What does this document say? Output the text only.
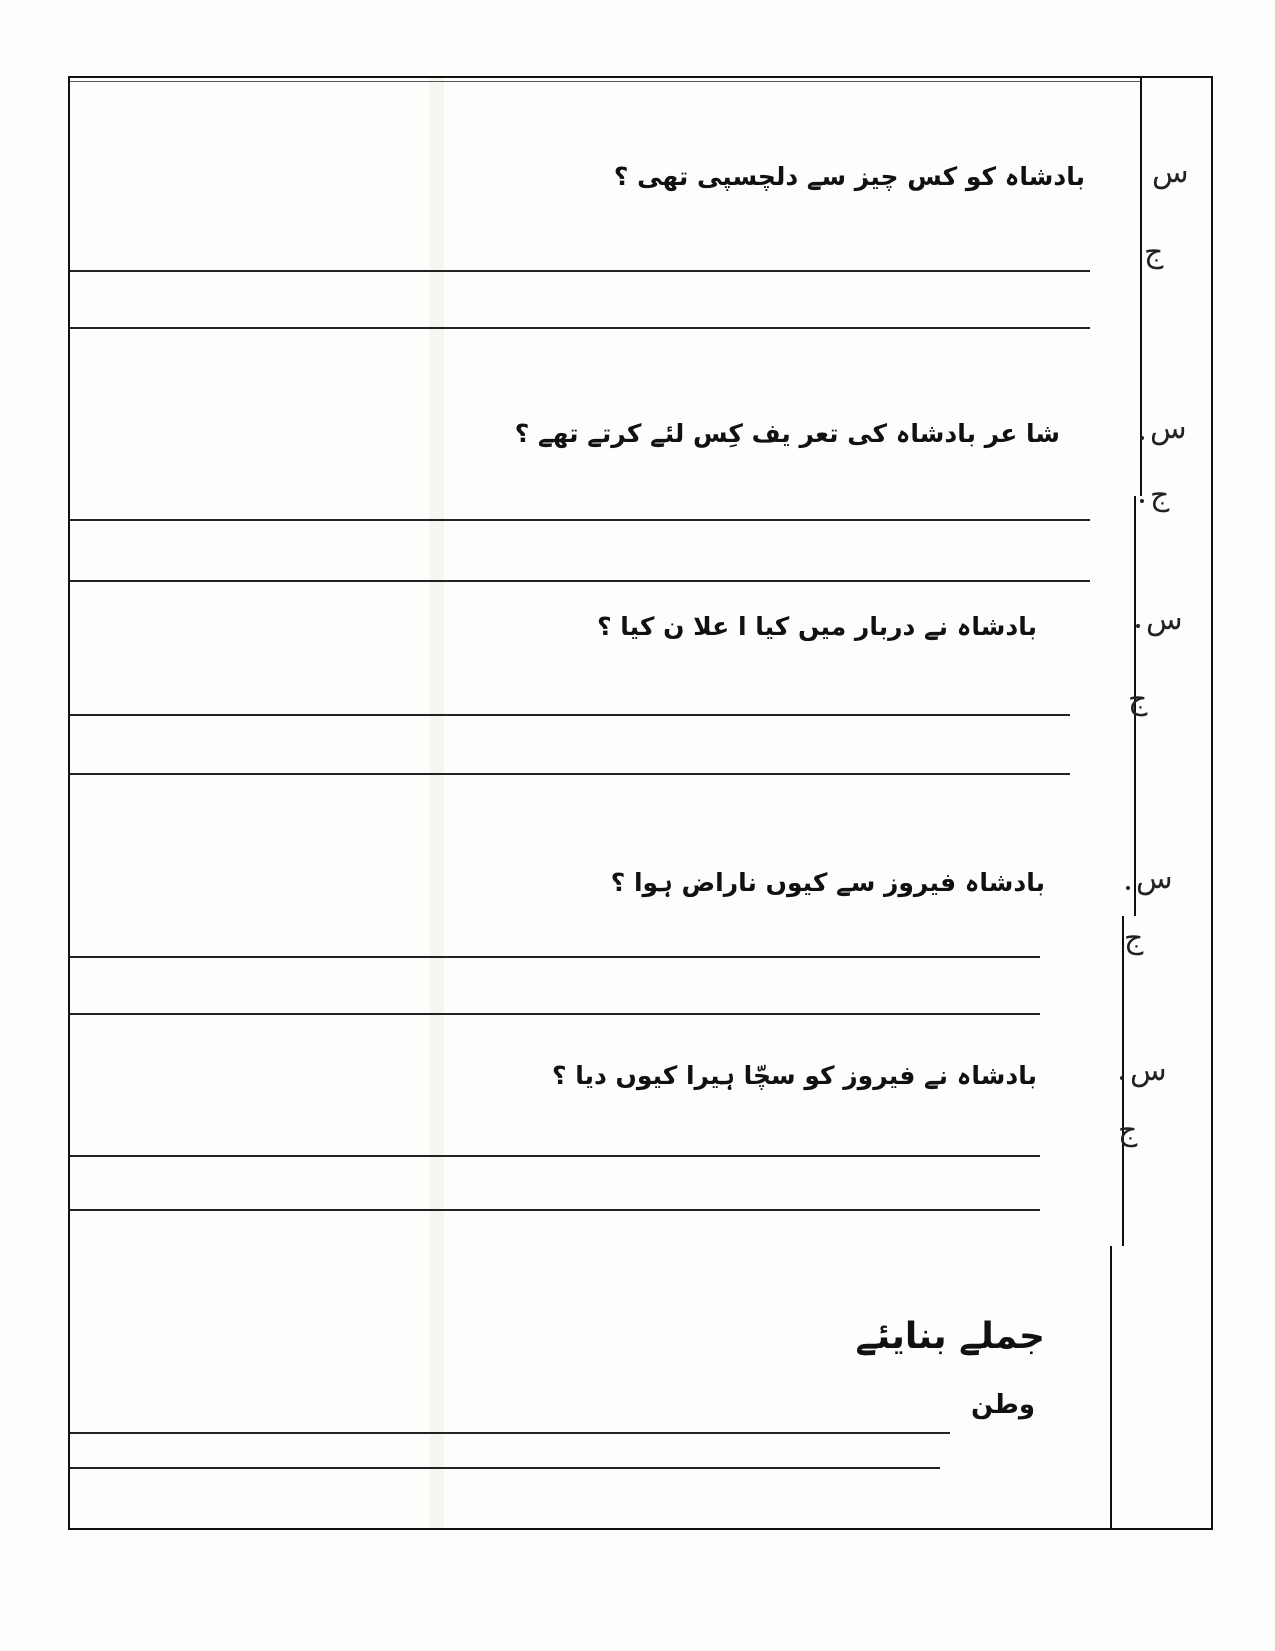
بادشاہ کو کس چیز سے دلچسپی تھی ؟ س
ج
شا عر بادشاہ کی تعر یف کِس لئے کرتے تھے ؟	س
ج
بادشاہ نے دربار میں کیا ا علا ن کیا ؟	س
ج
بادشاہ فیروز سے کیوں ناراض ہوا ؟	س
ج
بادشاہ نے فیروز کو سچّا ہیرا کیوں دیا ؟	س
ج
جملے بنایئے
وطن
